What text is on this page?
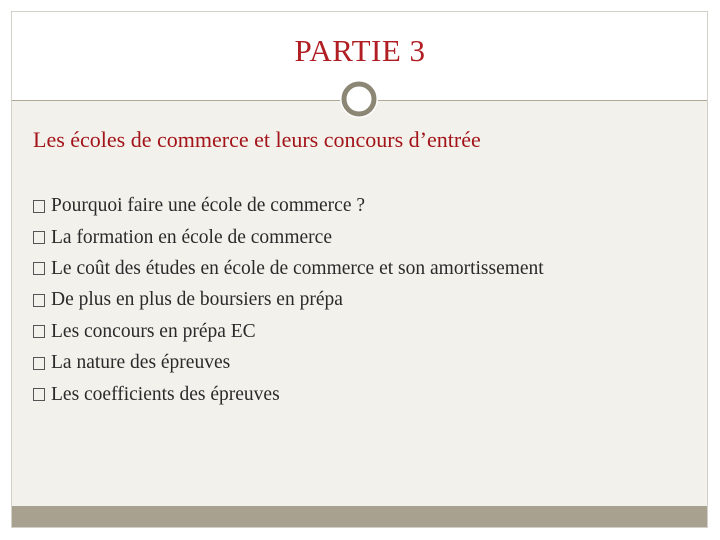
PARTIE 3
Les écoles de commerce et leurs concours d’entrée
Pourquoi faire une école de commerce ?
La formation en école de commerce
Le coût des études en école de commerce et son amortissement
De plus en plus de boursiers en prépa
Les concours en prépa EC
La nature des épreuves
Les coefficients des épreuves
